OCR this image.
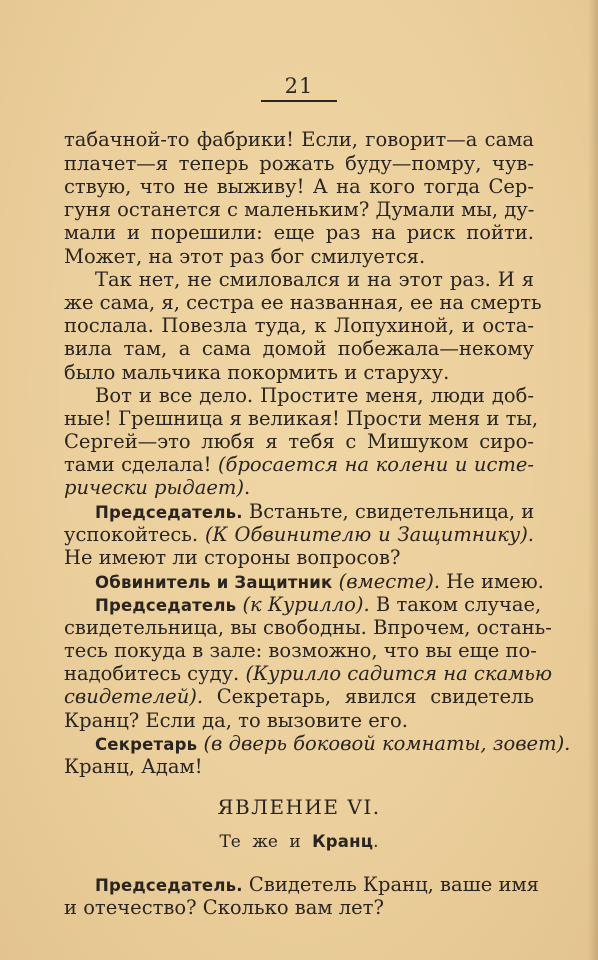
21
табачной-то фабрики! Если, говорит—а сама
плачет—я теперь рожать буду—помру, чув-
ствую, что не выживу! А на кого тогда Сер-
гуня останется с маленьким? Думали мы, ду-
мали и порешили: еще раз на риск пойти.
Может, на этот раз бог смилуется.
Так нет, не смиловался и на этот раз. И я
же сама, я, сестра ее названная, ее на смерть
послала. Повезла туда, к Лопухиной, и оста-
вила там, а сама домой побежала—некому
было мальчика покормить и старуху.
Вот и все дело. Простите меня, люди доб-
ные! Грешница я великая! Прости меня и ты,
Сергей—это любя я тебя с Мишуком сиро-
тами сделала! (бросается на колени и исте-
рически рыдает).
Председатель. Встаньте, свидетельница, и
успокойтесь. (К Обвинителю и Защитнику).
Не имеют ли стороны вопросов?
Обвинитель и Защитник (вместе). Не имею.
Председатель (к Курилло). В таком случае,
свидетельница, вы свободны. Впрочем, остань-
тесь покуда в зале: возможно, что вы еще по-
надобитесь суду. (Курилло садится на скамью
свидетелей). Секретарь, явился свидетель
Кранц? Если да, то вызовите его.
Секретарь (в дверь боковой комнаты, зовет).
Кранц, Адам!
ЯВЛЕНИЕ VI.
Те же и Кранц.
Председатель. Свидетель Кранц, ваше имя
и отечество? Сколько вам лет?
